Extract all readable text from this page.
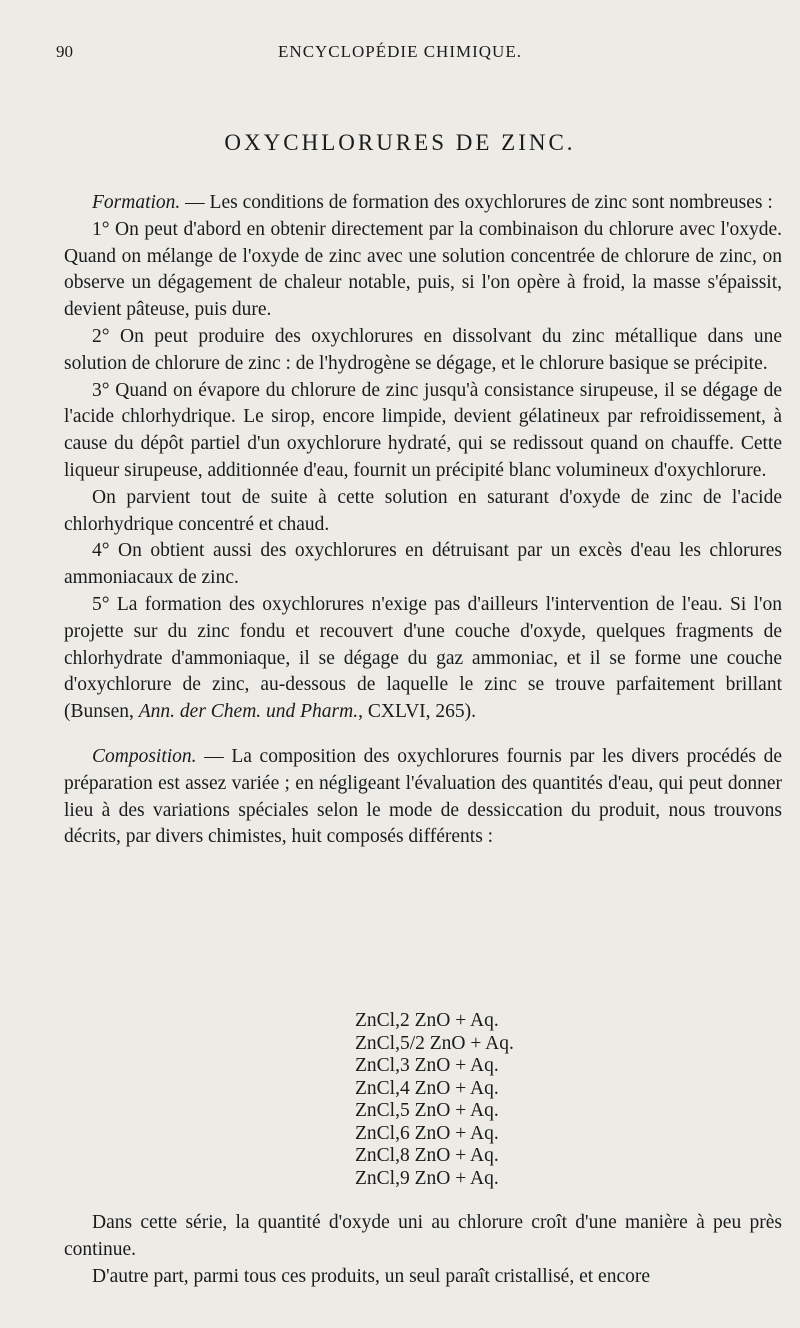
90	ENCYCLOPÉDIE CHIMIQUE.
OXYCHLORURES DE ZINC.

Formation. — Les conditions de formation des oxychlorures de zinc sont nombreuses :

1° On peut d'abord en obtenir directement par la combinaison du chlorure avec l'oxyde. Quand on mélange de l'oxyde de zinc avec une solution concentrée de chlorure de zinc, on observe un dégagement de chaleur notable, puis, si l'on opère à froid, la masse s'épaissit, devient pâteuse, puis dure.

2° On peut produire des oxychlorures en dissolvant du zinc métallique dans une solution de chlorure de zinc : de l'hydrogène se dégage, et le chlorure basique se précipite.

3° Quand on évapore du chlorure de zinc jusqu'à consistance sirupeuse, il se dégage de l'acide chlorhydrique. Le sirop, encore limpide, devient gélatineux par refroidissement, à cause du dépôt partiel d'un oxychlorure hydraté, qui se redissout quand on chauffe. Cette liqueur sirupeuse, additionnée d'eau, fournit un précipité blanc volumineux d'oxychlorure.

On parvient tout de suite à cette solution en saturant d'oxyde de zinc de l'acide chlorhydrique concentré et chaud.

4° On obtient aussi des oxychlorures en détruisant par un excès d'eau les chlorures ammoniacaux de zinc.

5° La formation des oxychlorures n'exige pas d'ailleurs l'intervention de l'eau. Si l'on projette sur du zinc fondu et recouvert d'une couche d'oxyde, quelques fragments de chlorhydrate d'ammoniaque, il se dégage du gaz ammoniac, et il se forme une couche d'oxychlorure de zinc, au-dessous de laquelle le zinc se trouve parfaitement brillant (Bunsen, Ann. der Chem. und Pharm., CXLVI, 265).

Composition. — La composition des oxychlorures fournis par les divers procédés de préparation est assez variée ; en négligeant l'évaluation des quantités d'eau, qui peut donner lieu à des variations spéciales selon le mode de dessiccation du produit, nous trouvons décrits, par divers chimistes, huit composés différents :

ZnCl,2 ZnO + Aq.
ZnCl,5/2 ZnO + Aq.
ZnCl,3 ZnO + Aq.
ZnCl,4 ZnO + Aq.
ZnCl,5 ZnO + Aq.
ZnCl,6 ZnO + Aq.
ZnCl,8 ZnO + Aq.
ZnCl,9 ZnO + Aq.

Dans cette série, la quantité d'oxyde uni au chlorure croît d'une manière à peu près continue.

D'autre part, parmi tous ces produits, un seul paraît cristallisé, et encore
